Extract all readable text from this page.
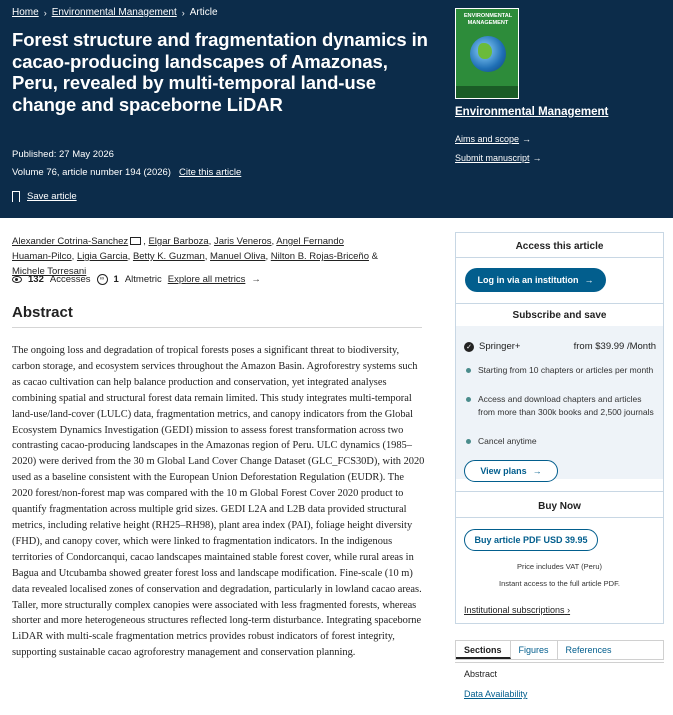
Home › Environmental Management › Article
Forest structure and fragmentation dynamics in cacao-producing landscapes of Amazonas, Peru, revealed by multi-temporal land-use change and spaceborne LiDAR
Published: 27 May 2026
Volume 76, article number 194 (2026) Cite this article
Save article
ENVIRONMENTAL MANAGEMENT
Environmental Management
Aims and scope →
Submit manuscript →
Alexander Cotrina-Sanchez , Elgar Barboza, Jaris Veneros, Angel Fernando Huaman-Pilco, Ligia Garcia, Betty K. Guzman, Manuel Oliva, Nilton B. Rojas-Briceño & Michele Torresani
132 Accesses	∞ 1 Altmetric Explore all metrics →
Abstract

The ongoing loss and degradation of tropical forests poses a significant threat to biodiversity, carbon storage, and ecosystem services throughout the Amazon Basin. Agroforestry systems such as cacao cultivation can help balance production and conservation, yet integrated analyses combining spatial and structural forest data remain limited. This study integrates multi-temporal land-use/land-cover (LULC) data, fragmentation metrics, and canopy indicators from the Global Ecosystem Dynamics Investigation (GEDI) mission to assess forest transformation across two contrasting cacao-producing landscapes in the Amazonas region of Peru. ULC dynamics (1985–2020) were derived from the 30 m Global Land Cover Change Dataset (GLC_FCS30D), with 2020 used as a baseline consistent with the European Union Deforestation Regulation (EUDR). The 2020 forest/non-forest map was compared with the 10 m Global Forest Cover 2020 product to quantify fragmentation across multiple grid sizes. GEDI L2A and L2B data provided structural metrics, including relative height (RH25–RH98), plant area index (PAI), foliage height diversity (FHD), and canopy cover, which were linked to fragmentation indicators. In the indigenous territories of Condorcanqui, cacao landscapes maintained stable forest cover, while rural areas in Bagua and Utcubamba showed greater forest loss and landscape modification. Fine-scale (10 m) data revealed localised zones of conservation and degradation, particularly in lowland cacao areas. Taller, more structurally complex canopies were associated with less fragmented forests, whereas shorter and more heterogeneous structures reflected long-term disturbance. Integrating spaceborne LiDAR with multi-scale fragmentation metrics provides robust indicators of forest integrity, supporting sustainable cacao agroforestry management and conservation planning.

Access this article
Log in via an institution →
Subscribe and save
✓ Springer+	from $39.99 /Month
Starting from 10 chapters or articles per month
Access and download chapters and articles from more than 300k books and 2,500 journals
Cancel anytime
View plans →
Buy Now
Buy article PDF USD 39.95
Price includes VAT (Peru)
Instant access to the full article PDF.
Institutional subscriptions ›
Sections	Figures	References
Abstract
Data Availability
